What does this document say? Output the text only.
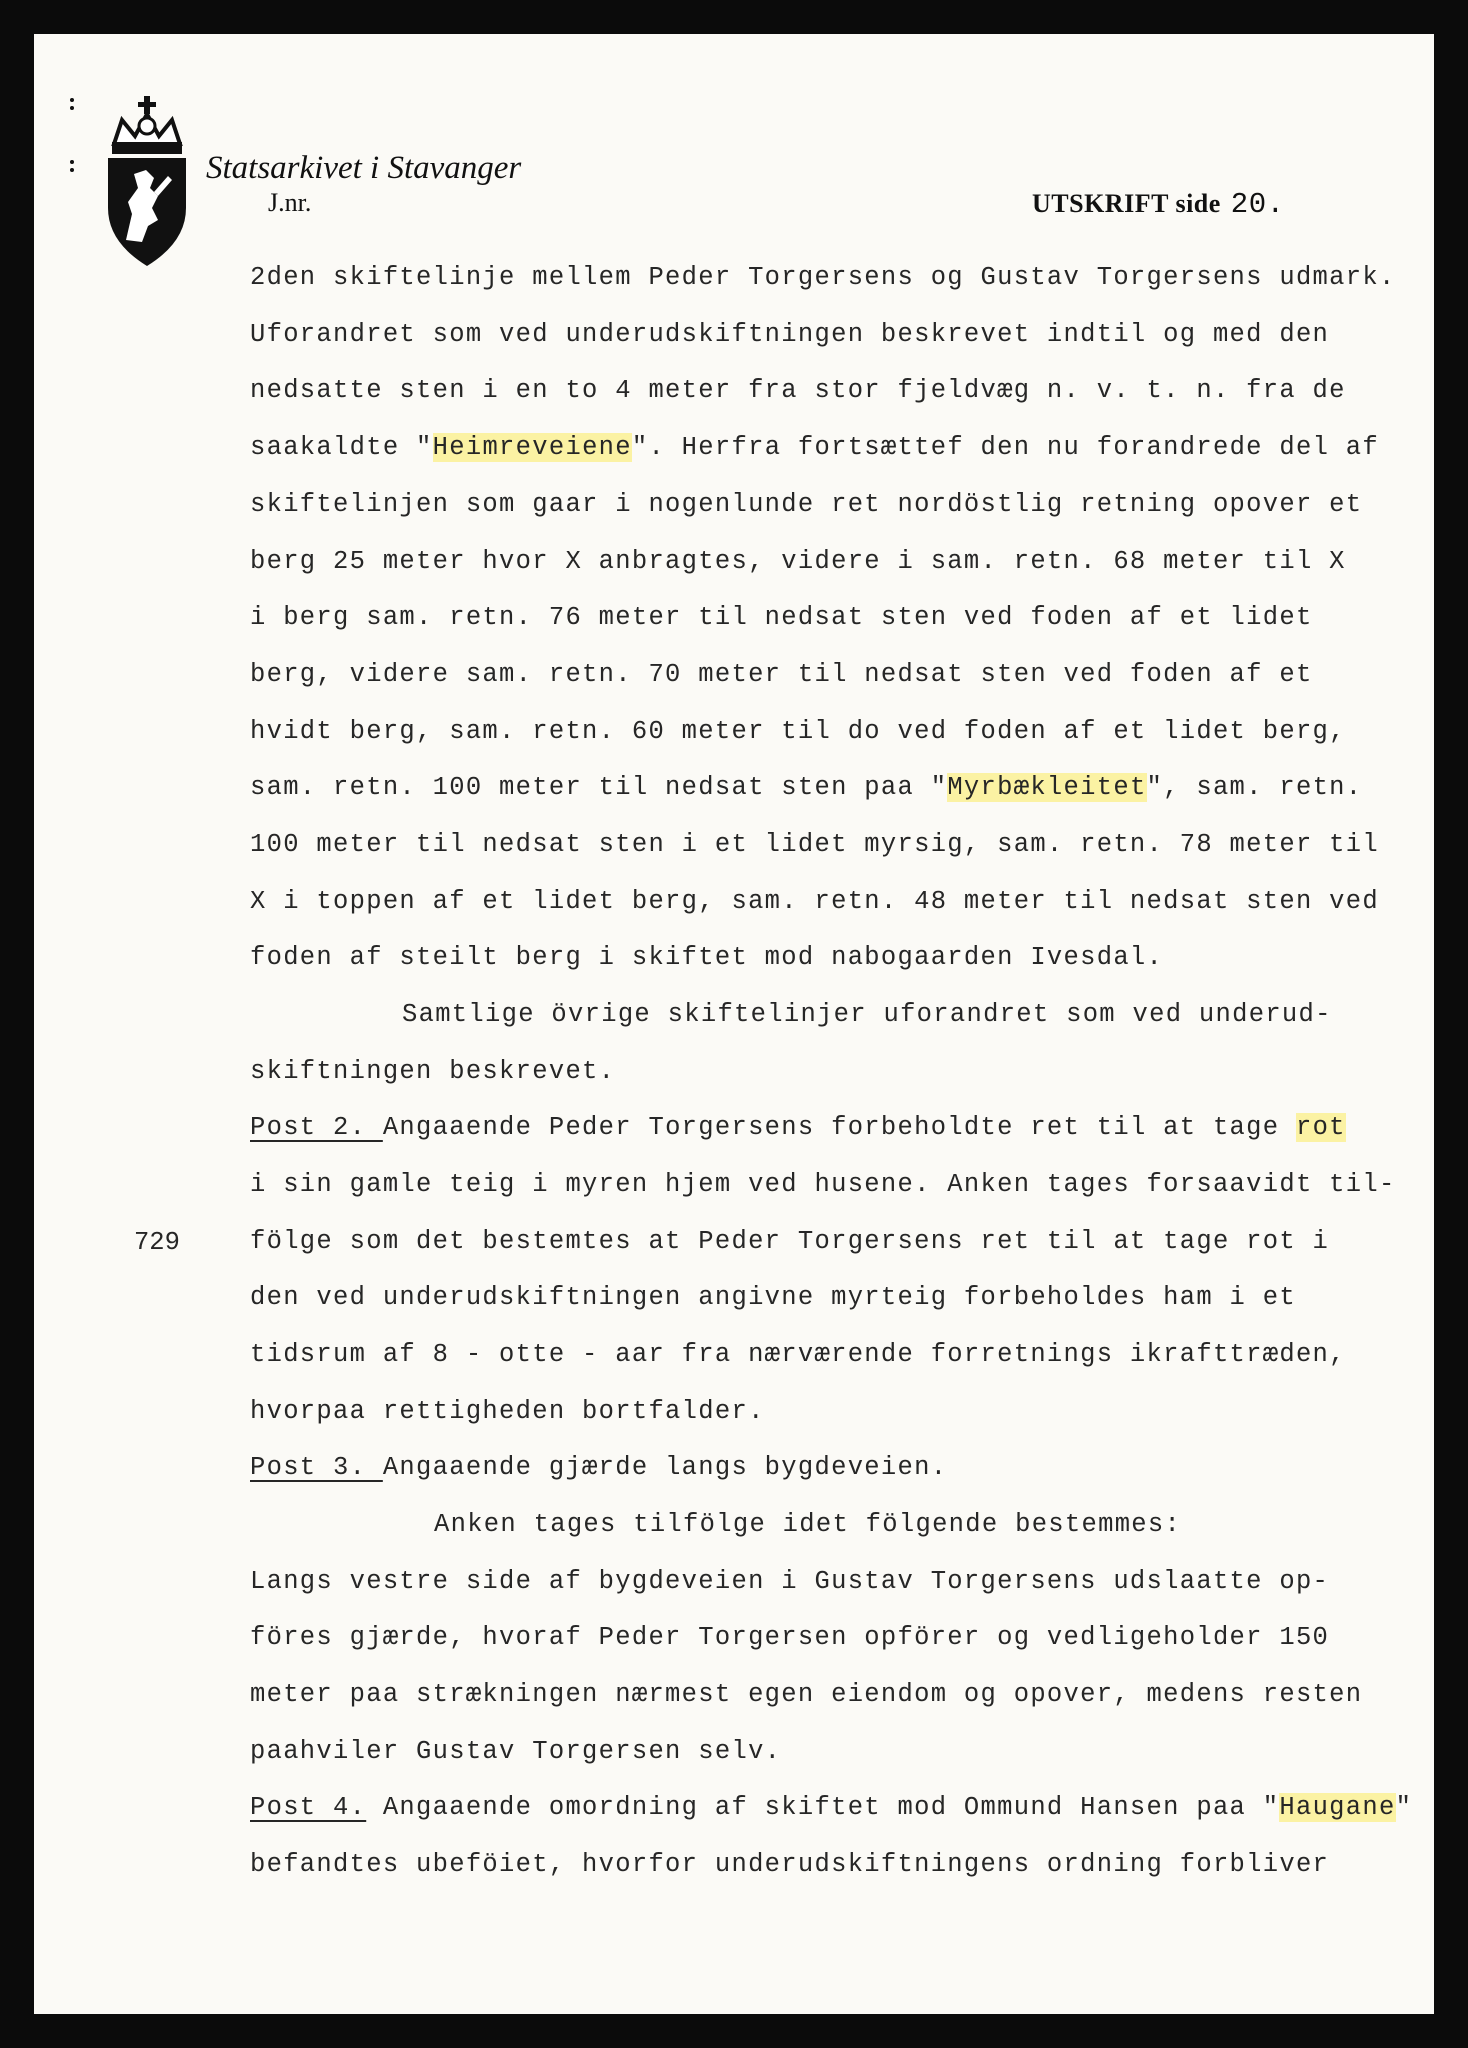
Statsarkivet i Stavanger
J.nr.	UTSKRIFT side 20.
729
2den skiftelinje mellem Peder Torgersens og Gustav Torgersens udmark.
Uforandret som ved underudskiftningen beskrevet indtil og med den
nedsatte sten i en to 4 meter fra stor fjeldvæg n. v. t. n. fra de
saakaldte "Heimreveiene". Herfra fortsættef den nu forandrede del af
skiftelinjen som gaar i nogenlunde ret nordöstlig retning opover et
berg 25 meter hvor X anbragtes, videre i sam. retn. 68 meter til X
i berg sam. retn. 76 meter til nedsat sten ved foden af et lidet
berg, videre sam. retn. 70 meter til nedsat sten ved foden af et
hvidt berg, sam. retn. 60 meter til do ved foden af et lidet berg,
sam. retn. 100 meter til nedsat sten paa "Myrbækleitet", sam. retn.
100 meter til nedsat sten i et lidet myrsig, sam. retn. 78 meter til
X i toppen af et lidet berg, sam. retn. 48 meter til nedsat sten ved
foden af steilt berg i skiftet mod nabogaarden Ivesdal.
Samtlige övrige skiftelinjer uforandret som ved underud-
skiftningen beskrevet.
Post 2. Angaaende Peder Torgersens forbeholdte ret til at tage rot
i sin gamle teig i myren hjem ved husene. Anken tages forsaavidt til-
fölge som det bestemtes at Peder Torgersens ret til at tage rot i
den ved underudskiftningen angivne myrteig forbeholdes ham i et
tidsrum af 8 - otte - aar fra nærværende forretnings ikrafttræden,
hvorpaa rettigheden bortfalder.
Post 3. Angaaende gjærde langs bygdeveien.
Anken tages tilfölge idet fölgende bestemmes:
Langs vestre side af bygdeveien i Gustav Torgersens udslaatte op-
föres gjærde, hvoraf Peder Torgersen opförer og vedligeholder 150
meter paa strækningen nærmest egen eiendom og opover, medens resten
paahviler Gustav Torgersen selv.
Post 4. Angaaende omordning af skiftet mod Ommund Hansen paa "Haugane"
befandtes ubeföiet, hvorfor underudskiftningens ordning forbliver
